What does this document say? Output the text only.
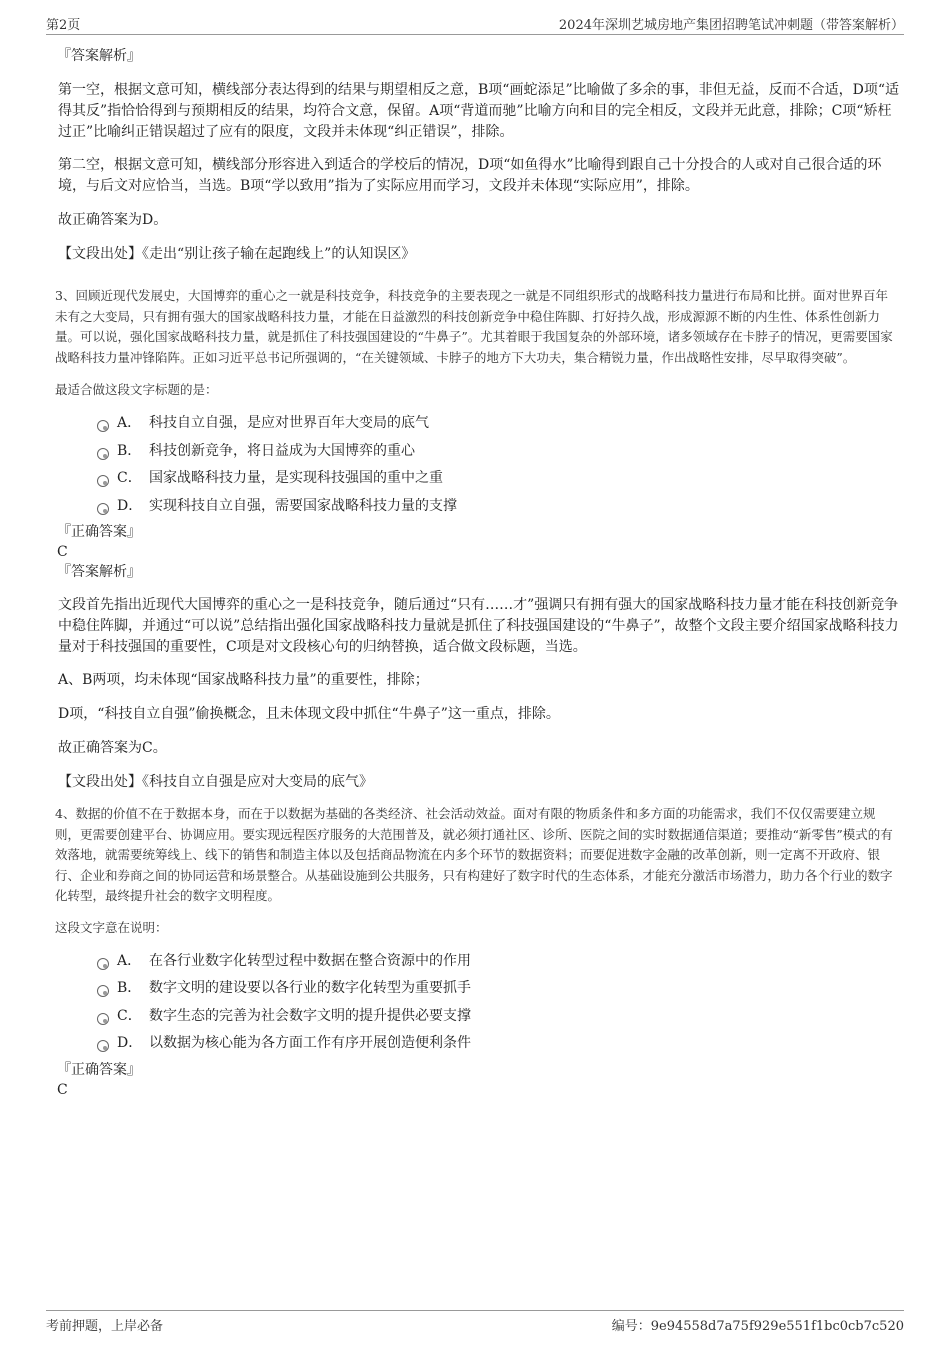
第2页	2024年深圳艺城房地产集团招聘笔试冲刺题（带答案解析）

『答案解析』

第一空，根据文意可知，横线部分表达得到的结果与期望相反之意，B项“画蛇添足”比喻做了多余的事，非但无益，反而不合适，D项“适得其反”指恰恰得到与预期相反的结果，均符合文意，保留。A项“背道而驰”比喻方向和目的完全相反，文段并无此意，排除；C项“矫枉过正”比喻纠正错误超过了应有的限度，文段并未体现“纠正错误”，排除。

第二空，根据文意可知，横线部分形容进入到适合的学校后的情况，D项“如鱼得水”比喻得到跟自己十分投合的人或对自己很合适的环境，与后文对应恰当，当选。B项“学以致用”指为了实际应用而学习，文段并未体现“实际应用”，排除。

故正确答案为D。

【文段出处】《走出“别让孩子输在起跑线上”的认知误区》

3、回顾近现代发展史，大国博弈的重心之一就是科技竞争，科技竞争的主要表现之一就是不同组织形式的战略科技力量进行布局和比拼。面对世界百年未有之大变局，只有拥有强大的国家战略科技力量，才能在日益激烈的科技创新竞争中稳住阵脚、打好持久战，形成源源不断的内生性、体系性创新力量。可以说，强化国家战略科技力量，就是抓住了科技强国建设的“牛鼻子”。尤其着眼于我国复杂的外部环境，诸多领域存在卡脖子的情况，更需要国家战略科技力量冲锋陷阵。正如习近平总书记所强调的，“在关键领域、卡脖子的地方下大功夫，集合精锐力量，作出战略性安排，尽早取得突破”。

最适合做这段文字标题的是：

A． 科技自立自强，是应对世界百年大变局的底气
B． 科技创新竞争，将日益成为大国博弈的重心
C． 国家战略科技力量，是实现科技强国的重中之重
D． 实现科技自立自强，需要国家战略科技力量的支撑

『正确答案』

C

『答案解析』

文段首先指出近现代大国博弈的重心之一是科技竞争，随后通过“只有……才”强调只有拥有强大的国家战略科技力量才能在科技创新竞争中稳住阵脚，并通过“可以说”总结指出强化国家战略科技力量就是抓住了科技强国建设的“牛鼻子”，故整个文段主要介绍国家战略科技力量对于科技强国的重要性，C项是对文段核心句的归纳替换，适合做文段标题，当选。

A、B两项，均未体现“国家战略科技力量”的重要性，排除；

D项，“科技自立自强”偷换概念，且未体现文段中抓住“牛鼻子”这一重点，排除。

故正确答案为C。

【文段出处】《科技自立自强是应对大变局的底气》

4、数据的价值不在于数据本身，而在于以数据为基础的各类经济、社会活动效益。面对有限的物质条件和多方面的功能需求，我们不仅仅需要建立规则，更需要创建平台、协调应用。要实现远程医疗服务的大范围普及，就必须打通社区、诊所、医院之间的实时数据通信渠道；要推动“新零售”模式的有效落地，就需要统筹线上、线下的销售和制造主体以及包括商品物流在内多个环节的数据资料；而要促进数字金融的改革创新，则一定离不开政府、银行、企业和券商之间的协同运营和场景整合。从基础设施到公共服务，只有构建好了数字时代的生态体系，才能充分激活市场潜力，助力各个行业的数字化转型，最终提升社会的数字文明程度。

这段文字意在说明：

A． 在各行业数字化转型过程中数据在整合资源中的作用
B． 数字文明的建设要以各行业的数字化转型为重要抓手
C． 数字生态的完善为社会数字文明的提升提供必要支撑
D． 以数据为核心能为各方面工作有序开展创造便利条件

『正确答案』

C

考前押题，上岸必备	编号：9e94558d7a75f929e551f1bc0cb7c520
